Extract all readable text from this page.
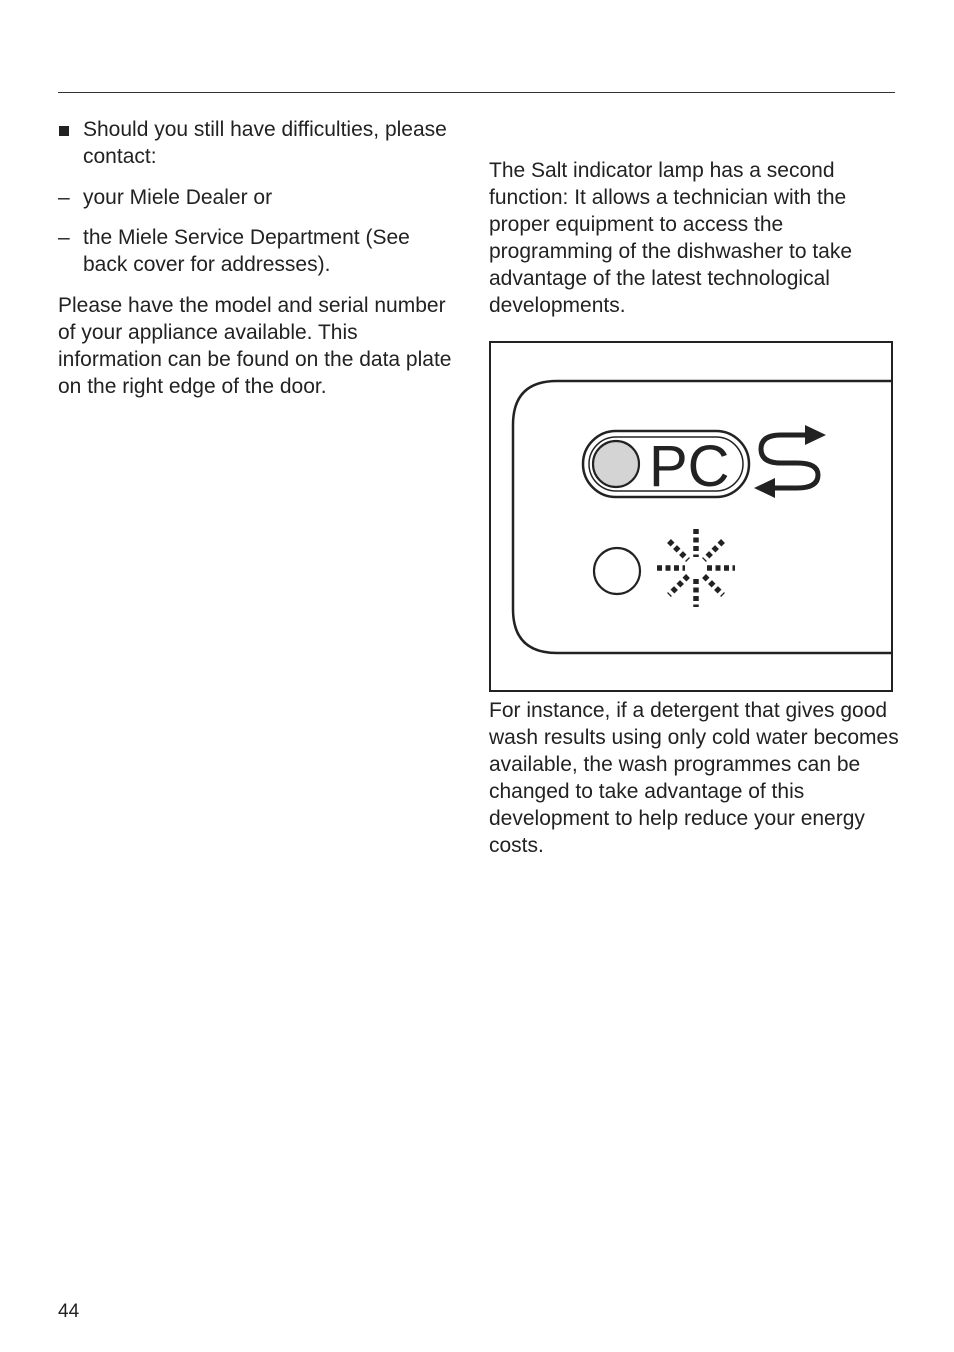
Should you still have difficulties, please contact:
– your Miele Dealer or
– the Miele Service Department (See back cover for addresses).

Please have the model and serial number of your appliance available. This information can be found on the data plate on the right edge of the door.

The Salt indicator lamp has a second function: It allows a technician with the proper equipment to access the programming of the dishwasher to take advantage of the latest technological developments.

PC

For instance, if a detergent that gives good wash results using only cold water becomes available, the wash programmes can be changed to take advantage of this development to help reduce your energy costs.

44
